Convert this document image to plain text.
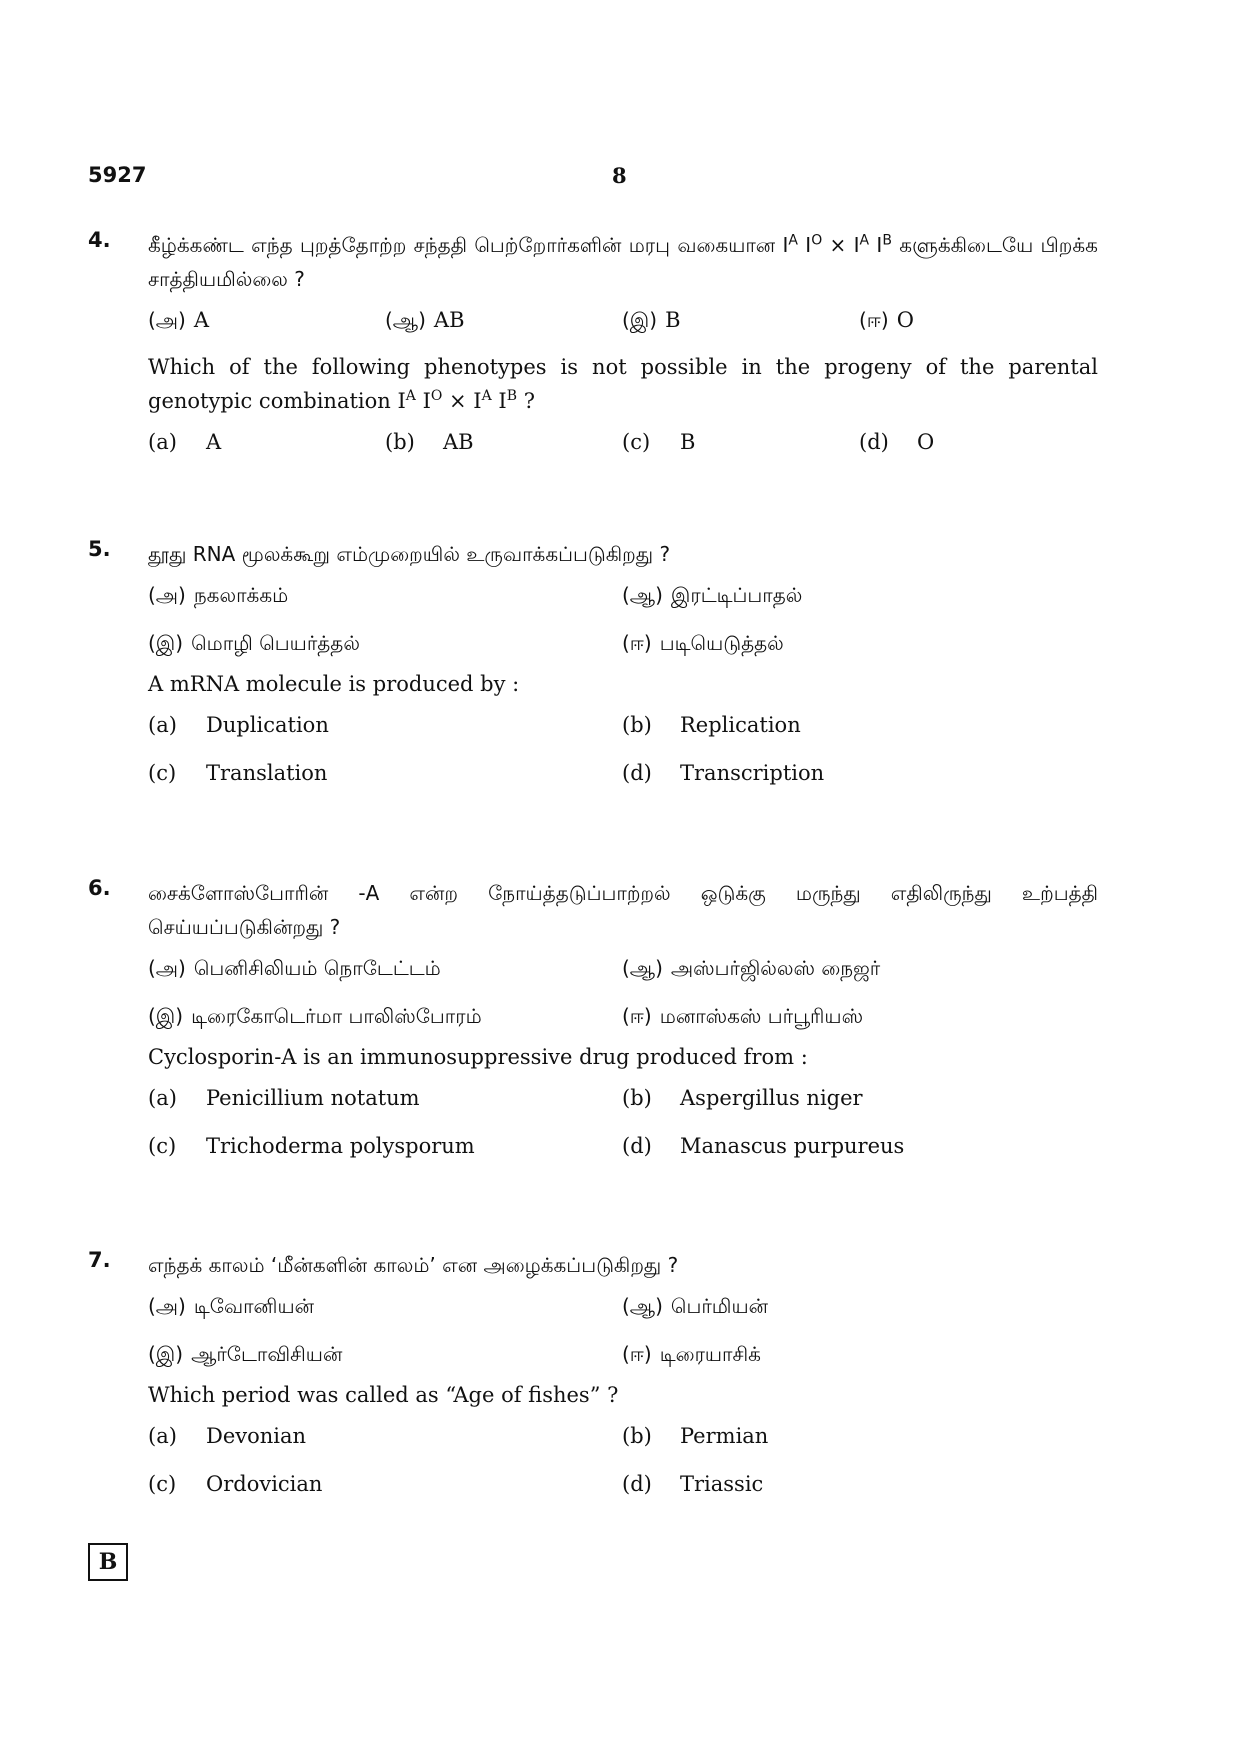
5927	8
4. கீழ்க்கண்ட எந்த புறத்தோற்ற சந்ததி பெற்றோர்களின் மரபு வகையான $I^A$ $I^O \times I^A$ $I^B$ களுக்கிடையே பிறக்க சாத்தியமில்லை ?
(அ) A	(ஆ) AB	(இ) B	(ஈ) O
Which of the following phenotypes is not possible in the progeny of the parental genotypic combination $I^A$ $I^O \times I^A$ $I^B$ ?
(a)	A	(b)	AB	(c)	B	(d)	O
5. தூது RNA மூலக்கூறு எம்முறையில் உருவாக்கப்படுகிறது ?
(அ) நகலாக்கம்	(ஆ) இரட்டிப்பாதல்
(இ) மொழி பெயர்த்தல்	(ஈ) படியெடுத்தல்
A mRNA molecule is produced by :
(a)	Duplication	(b)	Replication
(c)	Translation	(d)	Transcription
6. சைக்ளோஸ்போரின் -A என்ற நோய்த்தடுப்பாற்றல் ஒடுக்கு மருந்து எதிலிருந்து உற்பத்தி செய்யப்படுகின்றது ?
(அ) பெனிசிலியம் நொடேட்டம்	(ஆ) அஸ்பர்ஜில்லஸ் நைஜர்
(இ) டிரைகோடெர்மா பாலிஸ்போரம்	(ஈ) மனாஸ்கஸ் பர்பூரியஸ்
Cyclosporin-A is an immunosuppressive drug produced from :
(a)	Penicillium notatum	(b)	Aspergillus niger
(c)	Trichoderma polysporum	(d)	Manascus purpureus
7. எந்தக் காலம் ‘மீன்களின் காலம்’ என அழைக்கப்படுகிறது ?
(அ) டிவோனியன்	(ஆ) பெர்மியன்
(இ) ஆர்டோவிசியன்	(ஈ) டிரையாசிக்
Which period was called as “Age of fishes” ?
(a)	Devonian	(b)	Permian
(c)	Ordovician	(d)	Triassic
B
